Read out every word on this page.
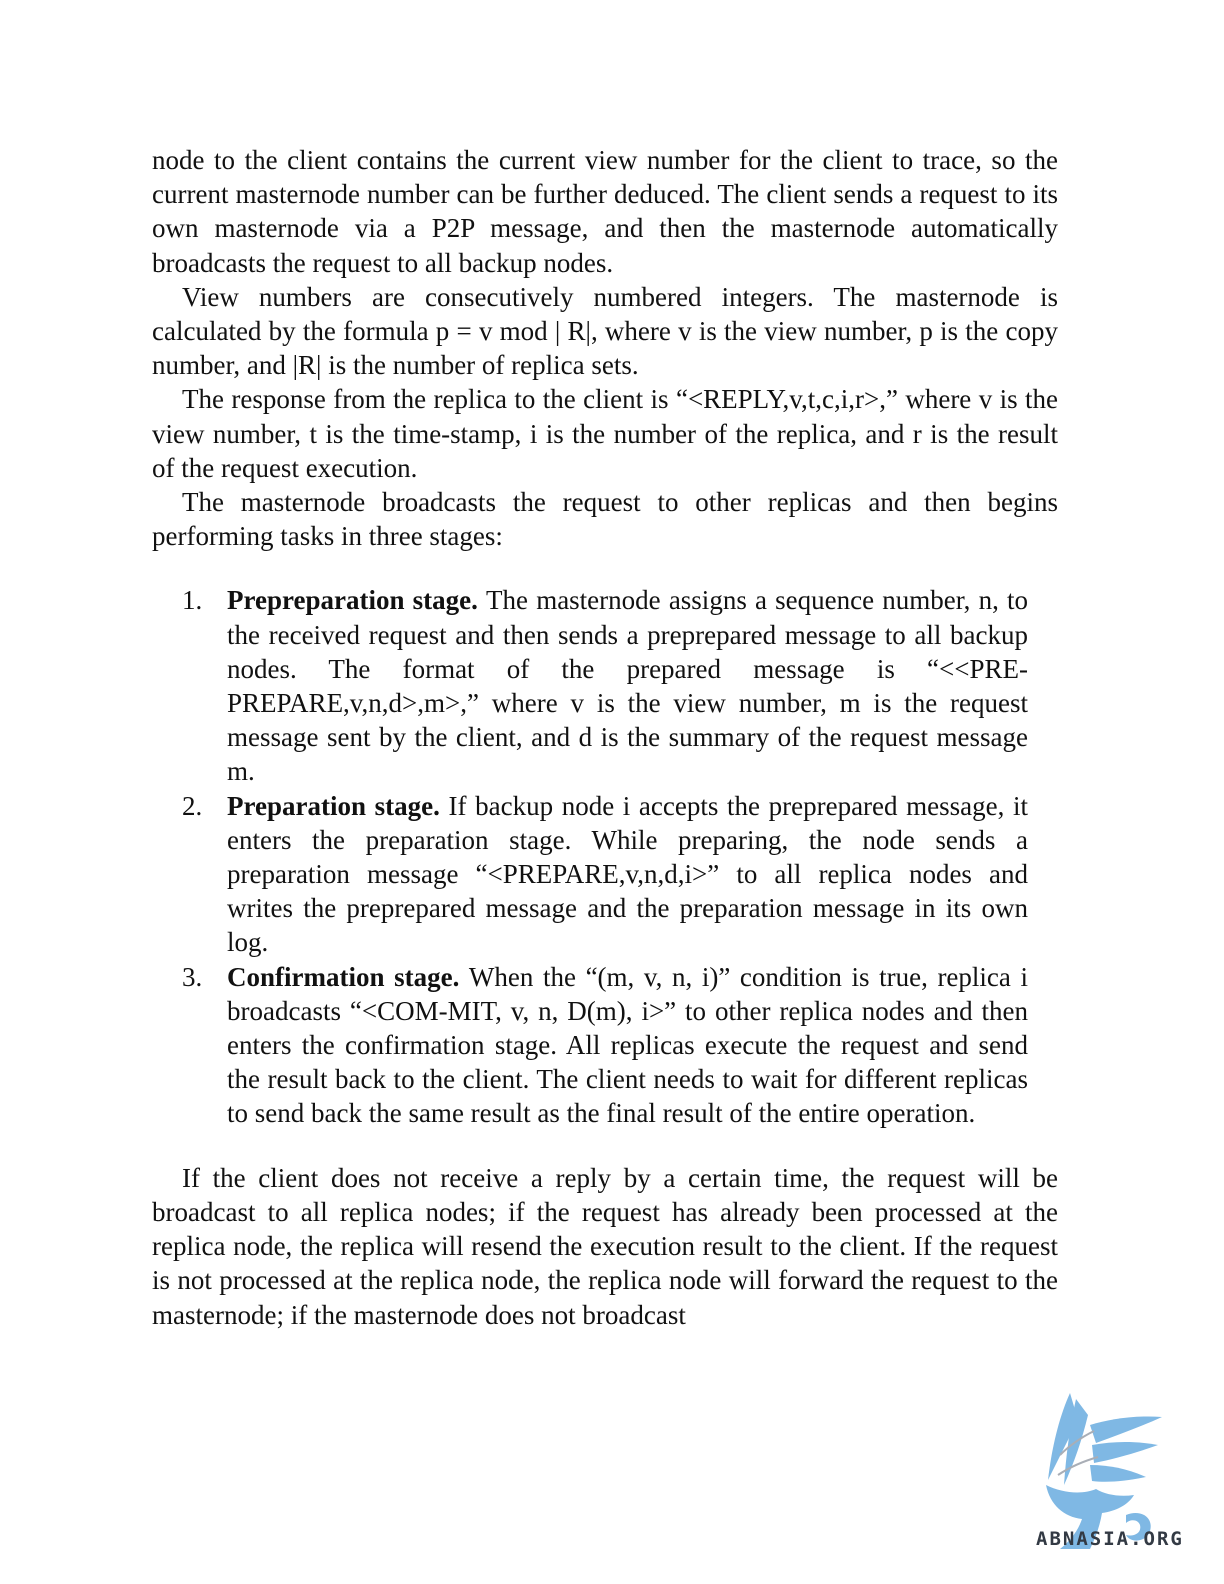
node to the client contains the current view number for the client to trace, so the current masternode number can be further deduced. The client sends a request to its own masternode via a P2P message, and then the masternode automatically broadcasts the request to all backup nodes.

View numbers are consecutively numbered integers. The masternode is calculated by the formula p = v mod | R|, where v is the view number, p is the copy number, and |R| is the number of replica sets.

The response from the replica to the client is “<REPLY,v,t,c,i,r>,” where v is the view number, t is the time-stamp, i is the number of the replica, and r is the result of the request execution.

The masternode broadcasts the request to other replicas and then begins performing tasks in three stages:

1. Prepreparation stage. The masternode assigns a sequence number, n, to the received request and then sends a preprepared message to all backup nodes. The format of the prepared message is “<<PRE-PREPARE,v,n,d>,m>,” where v is the view number, m is the request message sent by the client, and d is the summary of the request message m.
2. Preparation stage. If backup node i accepts the preprepared message, it enters the preparation stage. While preparing, the node sends a preparation message “<PREPARE,v,n,d,i>” to all replica nodes and writes the preprepared message and the preparation message in its own log.
3. Confirmation stage. When the “(m, v, n, i)” condition is true, replica i broadcasts “<COM-MIT, v, n, D(m), i>” to other replica nodes and then enters the confirmation stage. All replicas execute the request and send the result back to the client. The client needs to wait for different replicas to send back the same result as the final result of the entire operation.

If the client does not receive a reply by a certain time, the request will be broadcast to all replica nodes; if the request has already been processed at the replica node, the replica will resend the execution result to the client. If the request is not processed at the replica node, the replica node will forward the request to the masternode; if the masternode does not broadcast

ABNASIA.ORG
